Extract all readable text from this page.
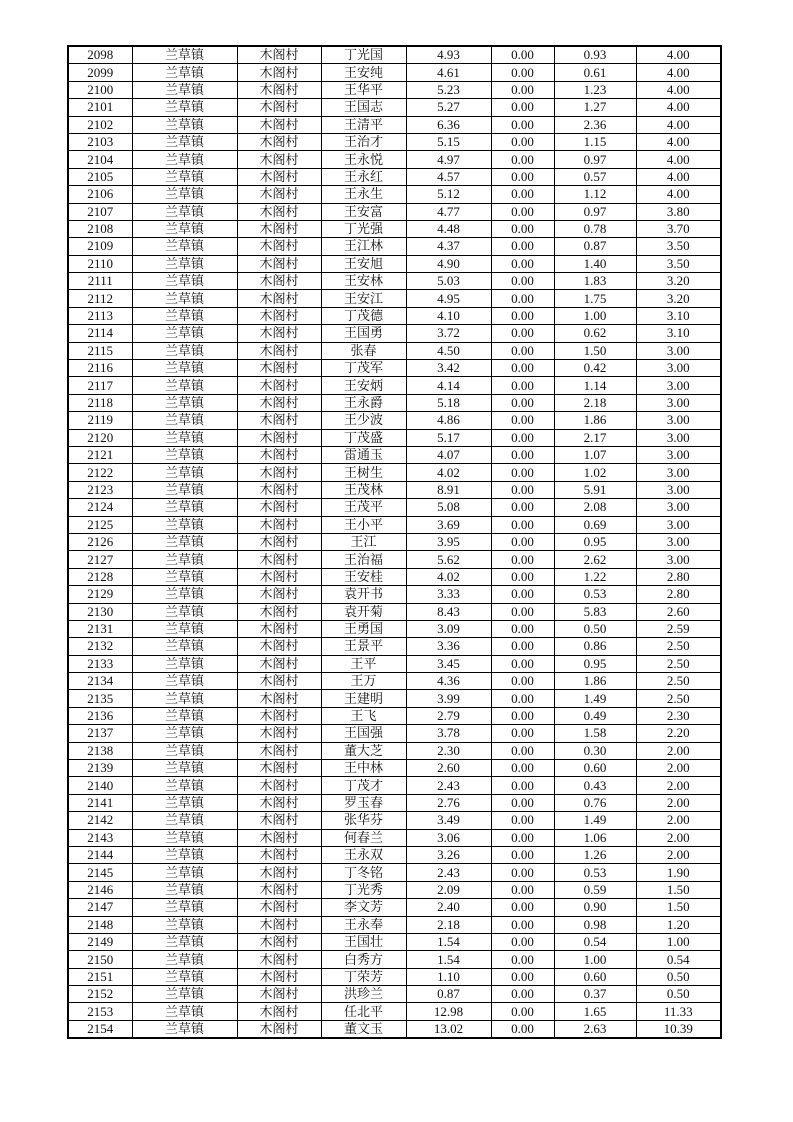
2098	兰草镇	木阁村	丁光国	4.93	0.00	0.93	4.00
2099	兰草镇	木阁村	王安纯	4.61	0.00	0.61	4.00
2100	兰草镇	木阁村	王华平	5.23	0.00	1.23	4.00
2101	兰草镇	木阁村	王国志	5.27	0.00	1.27	4.00
2102	兰草镇	木阁村	王清平	6.36	0.00	2.36	4.00
2103	兰草镇	木阁村	王治才	5.15	0.00	1.15	4.00
2104	兰草镇	木阁村	王永悦	4.97	0.00	0.97	4.00
2105	兰草镇	木阁村	王永红	4.57	0.00	0.57	4.00
2106	兰草镇	木阁村	王永生	5.12	0.00	1.12	4.00
2107	兰草镇	木阁村	王安富	4.77	0.00	0.97	3.80
2108	兰草镇	木阁村	丁光强	4.48	0.00	0.78	3.70
2109	兰草镇	木阁村	王江林	4.37	0.00	0.87	3.50
2110	兰草镇	木阁村	王安旭	4.90	0.00	1.40	3.50
2111	兰草镇	木阁村	王安林	5.03	0.00	1.83	3.20
2112	兰草镇	木阁村	王安江	4.95	0.00	1.75	3.20
2113	兰草镇	木阁村	丁茂德	4.10	0.00	1.00	3.10
2114	兰草镇	木阁村	王国勇	3.72	0.00	0.62	3.10
2115	兰草镇	木阁村	张春	4.50	0.00	1.50	3.00
2116	兰草镇	木阁村	丁茂军	3.42	0.00	0.42	3.00
2117	兰草镇	木阁村	王安炳	4.14	0.00	1.14	3.00
2118	兰草镇	木阁村	王永爵	5.18	0.00	2.18	3.00
2119	兰草镇	木阁村	王少波	4.86	0.00	1.86	3.00
2120	兰草镇	木阁村	丁茂盛	5.17	0.00	2.17	3.00
2121	兰草镇	木阁村	雷通玉	4.07	0.00	1.07	3.00
2122	兰草镇	木阁村	王树生	4.02	0.00	1.02	3.00
2123	兰草镇	木阁村	王茂林	8.91	0.00	5.91	3.00
2124	兰草镇	木阁村	王茂平	5.08	0.00	2.08	3.00
2125	兰草镇	木阁村	王小平	3.69	0.00	0.69	3.00
2126	兰草镇	木阁村	王江	3.95	0.00	0.95	3.00
2127	兰草镇	木阁村	王治福	5.62	0.00	2.62	3.00
2128	兰草镇	木阁村	王安桂	4.02	0.00	1.22	2.80
2129	兰草镇	木阁村	袁开书	3.33	0.00	0.53	2.80
2130	兰草镇	木阁村	袁开菊	8.43	0.00	5.83	2.60
2131	兰草镇	木阁村	王勇国	3.09	0.00	0.50	2.59
2132	兰草镇	木阁村	王景平	3.36	0.00	0.86	2.50
2133	兰草镇	木阁村	王平	3.45	0.00	0.95	2.50
2134	兰草镇	木阁村	王万	4.36	0.00	1.86	2.50
2135	兰草镇	木阁村	王建明	3.99	0.00	1.49	2.50
2136	兰草镇	木阁村	王飞	2.79	0.00	0.49	2.30
2137	兰草镇	木阁村	王国强	3.78	0.00	1.58	2.20
2138	兰草镇	木阁村	董大芝	2.30	0.00	0.30	2.00
2139	兰草镇	木阁村	王中林	2.60	0.00	0.60	2.00
2140	兰草镇	木阁村	丁茂才	2.43	0.00	0.43	2.00
2141	兰草镇	木阁村	罗玉春	2.76	0.00	0.76	2.00
2142	兰草镇	木阁村	张华芬	3.49	0.00	1.49	2.00
2143	兰草镇	木阁村	何春兰	3.06	0.00	1.06	2.00
2144	兰草镇	木阁村	王永双	3.26	0.00	1.26	2.00
2145	兰草镇	木阁村	丁冬铭	2.43	0.00	0.53	1.90
2146	兰草镇	木阁村	丁光秀	2.09	0.00	0.59	1.50
2147	兰草镇	木阁村	李文芳	2.40	0.00	0.90	1.50
2148	兰草镇	木阁村	王永奉	2.18	0.00	0.98	1.20
2149	兰草镇	木阁村	王国壮	1.54	0.00	0.54	1.00
2150	兰草镇	木阁村	白秀方	1.54	0.00	1.00	0.54
2151	兰草镇	木阁村	丁荣芳	1.10	0.00	0.60	0.50
2152	兰草镇	木阁村	洪珍兰	0.87	0.00	0.37	0.50
2153	兰草镇	木阁村	任北平	12.98	0.00	1.65	11.33
2154	兰草镇	木阁村	董文玉	13.02	0.00	2.63	10.39
